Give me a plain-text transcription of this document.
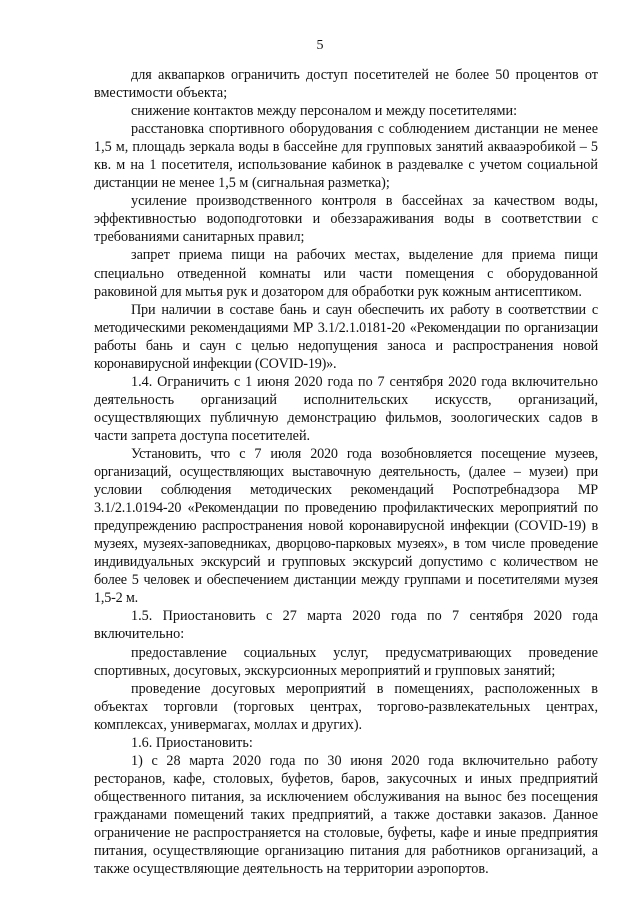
5

для аквапарков ограничить доступ посетителей не более 50 процентов от вместимости объекта;

снижение контактов между персоналом и между посетителями:

расстановка спортивного оборудования с соблюдением дистанции не менее 1,5 м, площадь зеркала воды в бассейне для групповых занятий аквааэробикой – 5 кв. м на 1 посетителя, использование кабинок в раздевалке с учетом социальной дистанции не менее 1,5 м (сигнальная разметка);

усиление производственного контроля в бассейнах за качеством воды, эффективностью водоподготовки и обеззараживания воды в соответствии с требованиями санитарных правил;

запрет приема пищи на рабочих местах, выделение для приема пищи специально отведенной комнаты или части помещения с оборудованной раковиной для мытья рук и дозатором для обработки рук кожным антисептиком.

При наличии в составе бань и саун обеспечить их работу в соответствии с методическими рекомендациями МР 3.1/2.1.0181-20 «Рекомендации по организации работы бань и саун с целью недопущения заноса и распространения новой коронавирусной инфекции (COVID-19)».

1.4. Ограничить с 1 июня 2020 года по 7 сентября 2020 года включительно деятельность организаций исполнительских искусств, организаций, осуществляющих публичную демонстрацию фильмов, зоологических садов в части запрета доступа посетителей.

Установить, что с 7 июля 2020 года возобновляется посещение музеев, организаций, осуществляющих выставочную деятельность, (далее – музеи) при условии соблюдения методических рекомендаций Роспотребнадзора МР 3.1/2.1.0194-20 «Рекомендации по проведению профилактических мероприятий по предупреждению распространения новой коронавирусной инфекции (COVID-19) в музеях, музеях-заповедниках, дворцово-парковых музеях», в том числе проведение индивидуальных экскурсий и групповых экскурсий допустимо с количеством не более 5 человек и обеспечением дистанции между группами и посетителями музея 1,5-2 м.

1.5. Приостановить с 27 марта 2020 года по 7 сентября 2020 года включительно:

предоставление социальных услуг, предусматривающих проведение спортивных, досуговых, экскурсионных мероприятий и групповых занятий;

проведение досуговых мероприятий в помещениях, расположенных в объектах торговли (торговых центрах, торгово-развлекательных центрах, комплексах, универмагах, моллах и других).

1.6. Приостановить:

1) с 28 марта 2020 года по 30 июня 2020 года включительно работу ресторанов, кафе, столовых, буфетов, баров, закусочных и иных предприятий общественного питания, за исключением обслуживания на вынос без посещения гражданами помещений таких предприятий, а также доставки заказов. Данное ограничение не распространяется на столовые, буфеты, кафе и иные предприятия питания, осуществляющие организацию питания для работников организаций, а также осуществляющие деятельность на территории аэропортов.
